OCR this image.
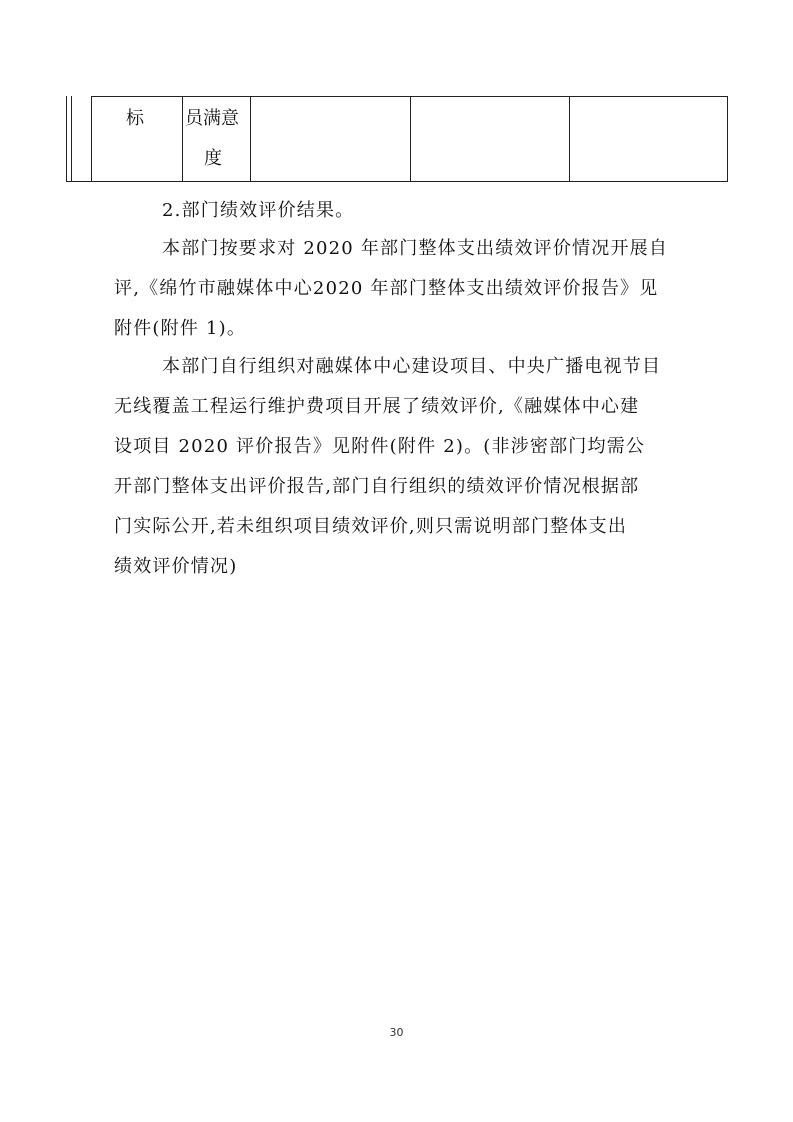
标 员满意
度
2.部门绩效评价结果。
本部门按要求对 2020 年部门整体支出绩效评价情况开展自
评,《绵竹市融媒体中心2020 年部门整体支出绩效评价报告》见
附件(附件 1)。
本部门自行组织对融媒体中心建设项目、中央广播电视节目
无线覆盖工程运行维护费项目开展了绩效评价,《融媒体中心建
设项目 2020 评价报告》见附件(附件 2)。(非涉密部门均需公
开部门整体支出评价报告,部门自行组织的绩效评价情况根据部
门实际公开,若未组织项目绩效评价,则只需说明部门整体支出
绩效评价情况)
30
